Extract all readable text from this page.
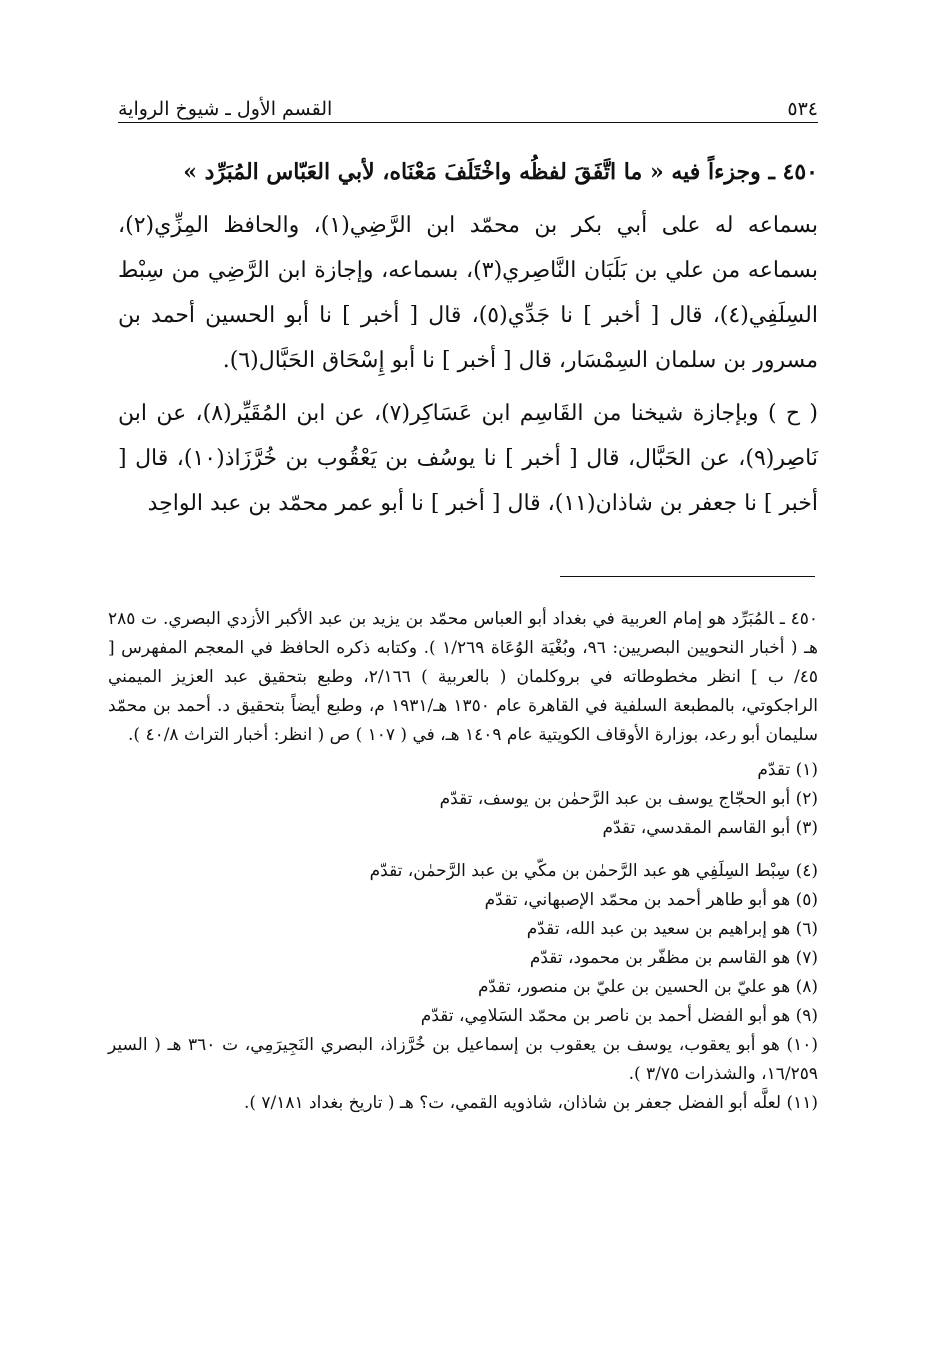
٥٣٤
القسم الأول ـ شيوخ الرواية

٤٥٠ ـ وجزءاً فيه « ما اتَّفَقَ لفظُه واخْتَلَفَ مَعْنَاه، لأبي العَبّاس المُبَرِّد »

بسماعه له على أبي بكر بن محمّد ابن الرَّضِي(١)، والحافظ المِزِّي(٢)، بسماعه من علي بن بَلَبَان النَّاصِري(٣)، بسماعه، وإجازة ابن الرَّضِي من سِبْط السِلَفِي(٤)، قال [ أخبر ] نا جَدِّي(٥)، قال [ أخبر ] نا أبو الحسين أحمد بن مسرور بن سلمان السِمْسَار، قال [ أخبر ] نا أبو إِسْحَاق الحَبَّال(٦).

( ح ) وبإجازة شيخنا من القَاسِم ابن عَسَاكِر(٧)، عن ابن المُقَيِّر(٨)، عن ابن نَاصِر(٩)، عن الحَبَّال، قال [ أخبر ] نا يوسُف بن يَعْقُوب بن خُرَّزَاذ(١٠)، قال [ أخبر ] نا جعفر بن شاذان(١١)، قال [ أخبر ] نا أبو عمر محمّد بن عبد الواحِد

٤٥٠ ـالمُبَرِّد هو إمام العربية في بغداد أبو العباس محمّد بن يزيد بن عبد الأكبر الأزدي البصري. ت ٢٨٥ هـ ( أخبار النحويين البصريين: ٩٦، وبُغْيَة الوُعَاة ١/٢٦٩ ). وكتابه ذكره الحافظ في المعجم المفهرس [ ٤٥/ ب ] انظر مخطوطاته في بروكلمان ( بالعربية ) ٢/١٦٦، وطبع بتحقيق عبد العزيز الميمني الراجكوتي، بالمطبعة السلفية في القاهرة عام ١٣٥٠ هـ/١٩٣١ م، وطبع أيضاً بتحقيق د. أحمد بن محمّد سليمان أبو رعد، بوزارة الأوقاف الكويتية عام ١٤٠٩ هـ، في ( ١٠٧ ) ص ( انظر: أخبار التراث ٤٠/٨ ).

(١) تقدّم

(٢) أبو الحجّاج يوسف بن عبد الرَّحمٰن بن يوسف، تقدّم

(٣) أبو القاسم المقدسي، تقدّم

(٤) سِبْط السِلَفِي هو عبد الرَّحمٰن بن مكّي بن عبد الرَّحمٰن، تقدّم

(٥) هو أبو طاهر أحمد بن محمّد الإصبهاني، تقدّم

(٦) هو إبراهيم بن سعيد بن عبد الله، تقدّم

(٧) هو القاسم بن مظفّر بن محمود، تقدّم

(٨) هو عليّ بن الحسين بن عليّ بن منصور، تقدّم

(٩) هو أبو الفضل أحمد بن ناصر بن محمّد السَلامِي، تقدّم

(١٠) هو أبو يعقوب، يوسف بن يعقوب بن إسماعيل بن خُرَّزاذ، البصري النَجِيرَمِي، ت ٣٦٠ هـ ( السير ١٦/٢٥٩، والشذرات ٣/٧٥ ).

(١١) لعلَّه أبو الفضل جعفر بن شاذان، شاذويه القمي، ت؟ هـ ( تاريخ بغداد ٧/١٨١ ).
